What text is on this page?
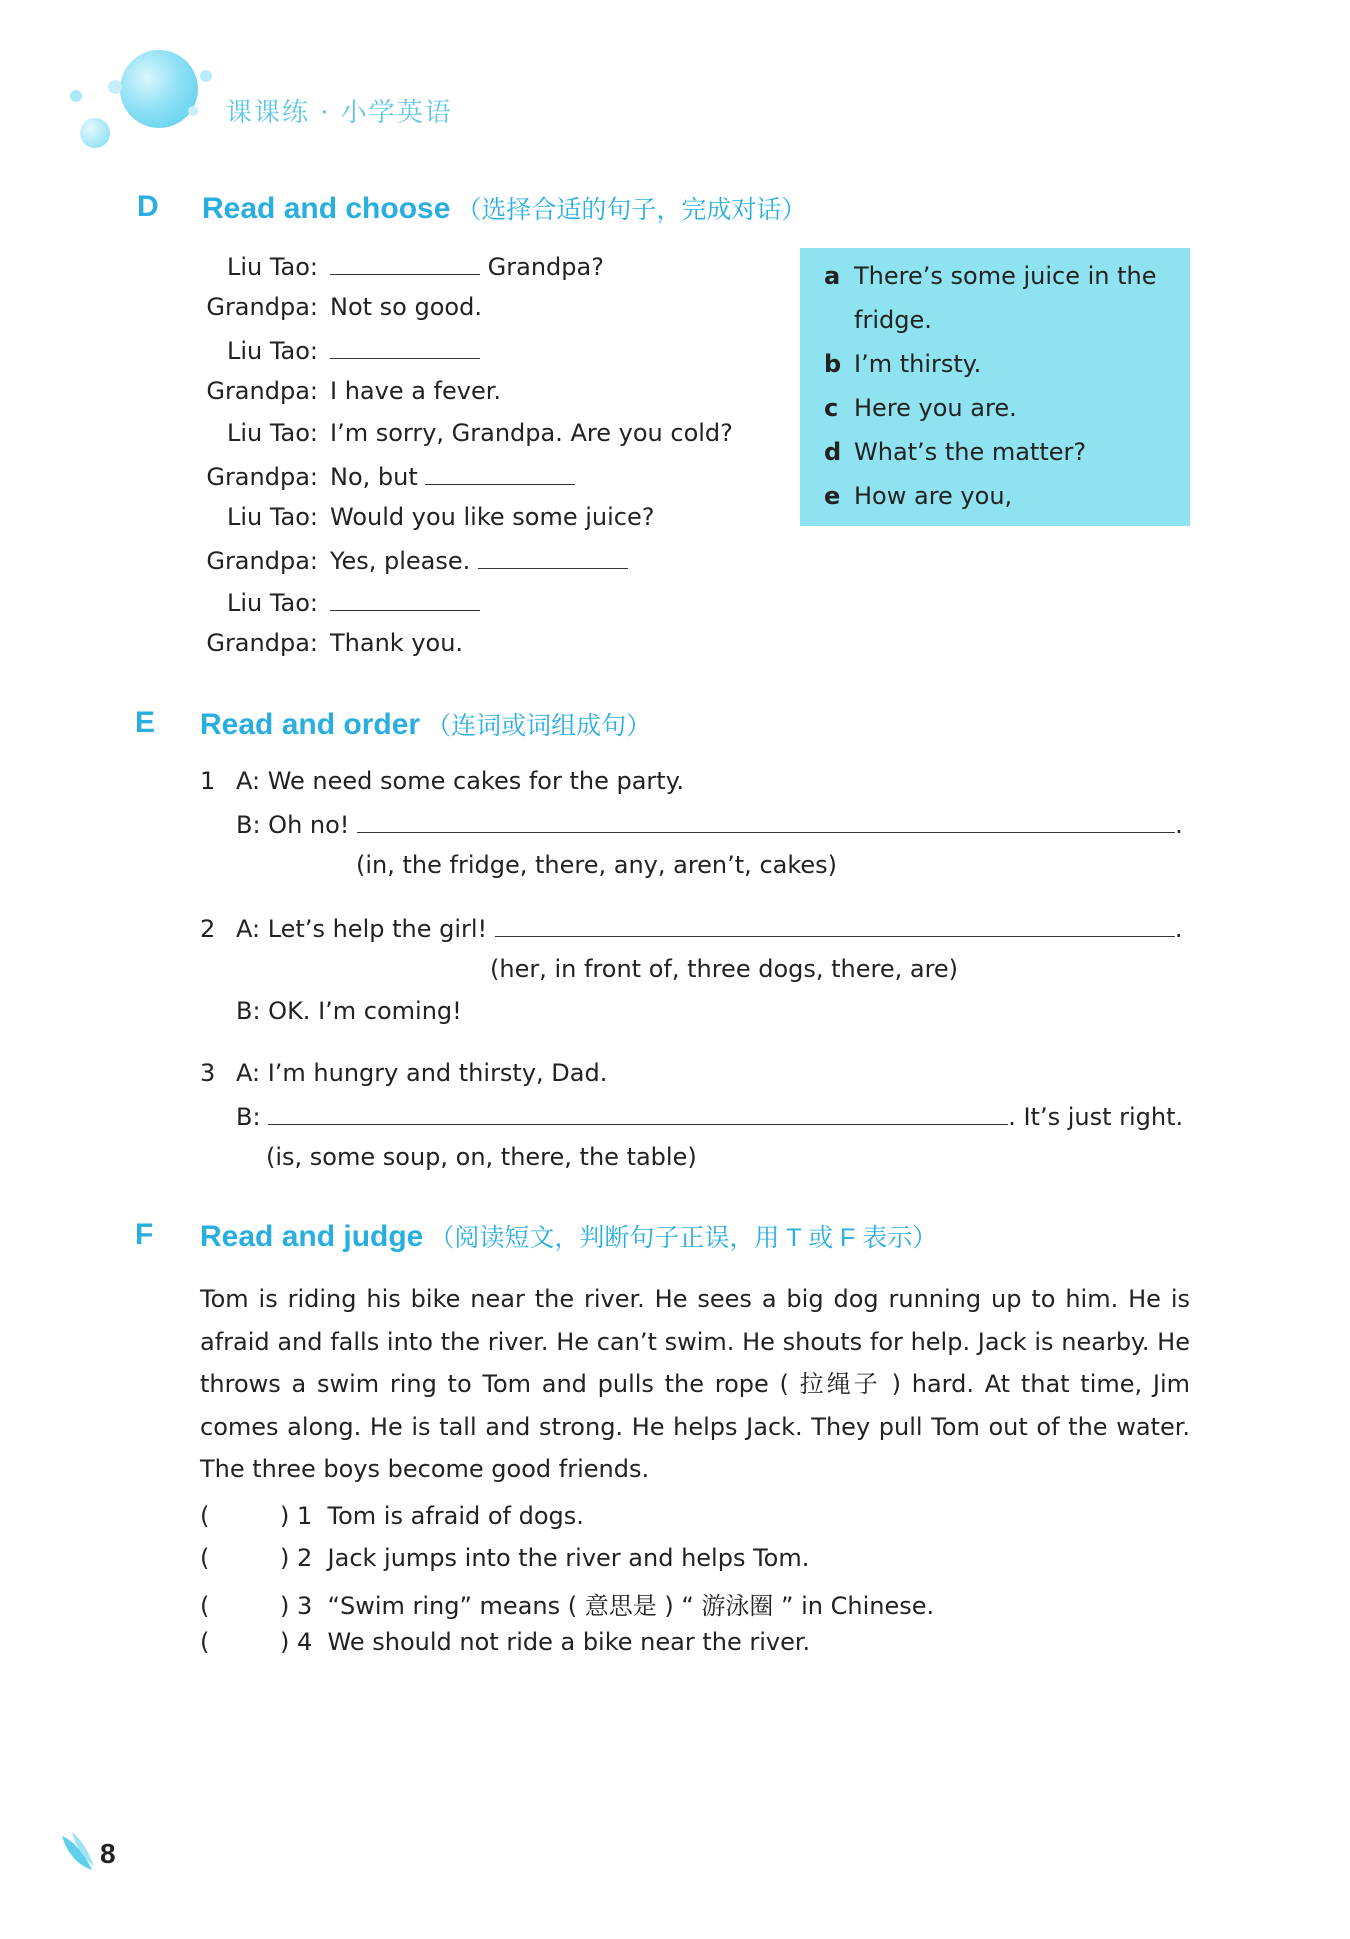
课课练 · 小学英语
D Read and choose （选择合适的句子，完成对话）
Liu Tao:	Grandpa?
Grandpa: Not so good.
Liu Tao:
Grandpa: I have a fever.
Liu Tao: I’m sorry, Grandpa. Are you cold?
Grandpa: No, but
Liu Tao: Would you like some juice?
Grandpa: Yes, please.
Liu Tao:
Grandpa: Thank you.
a There’s some juice in the
fridge.
b I’m thirsty.
c Here you are.
d What’s the matter?
e How are you,
E Read and order （连词或词组成句）
1 A: We need some cakes for the party.
B: Oh no!	.
(in, the fridge, there, any, aren’t, cakes)
2 A: Let’s help the girl!	.
(her, in front of, three dogs, there, are)
B: OK. I’m coming!
3 A: I’m hungry and thirsty, Dad.
B:	. It’s just right.
(is, some soup, on, there, the table)
F Read and judge （阅读短文，判断句子正误，用 T 或 F 表示）
Tom is riding his bike near the river. He sees a big dog running up to him. He is afraid and falls into the river. He can’t swim. He shouts for help. Jack is nearby. He throws a swim ring to Tom and pulls the rope ( 拉绳子 ) hard. At that time, Jim comes along. He is tall and strong. He helps Jack. They pull Tom out of the water. The three boys become good friends.
(	) 1 Tom is afraid of dogs.
(	) 2 Jack jumps into the river and helps Tom.
(	) 3 “Swim ring” means ( 意思是 ) “ 游泳圈 ” in Chinese.
(	) 4 We should not ride a bike near the river.
8
